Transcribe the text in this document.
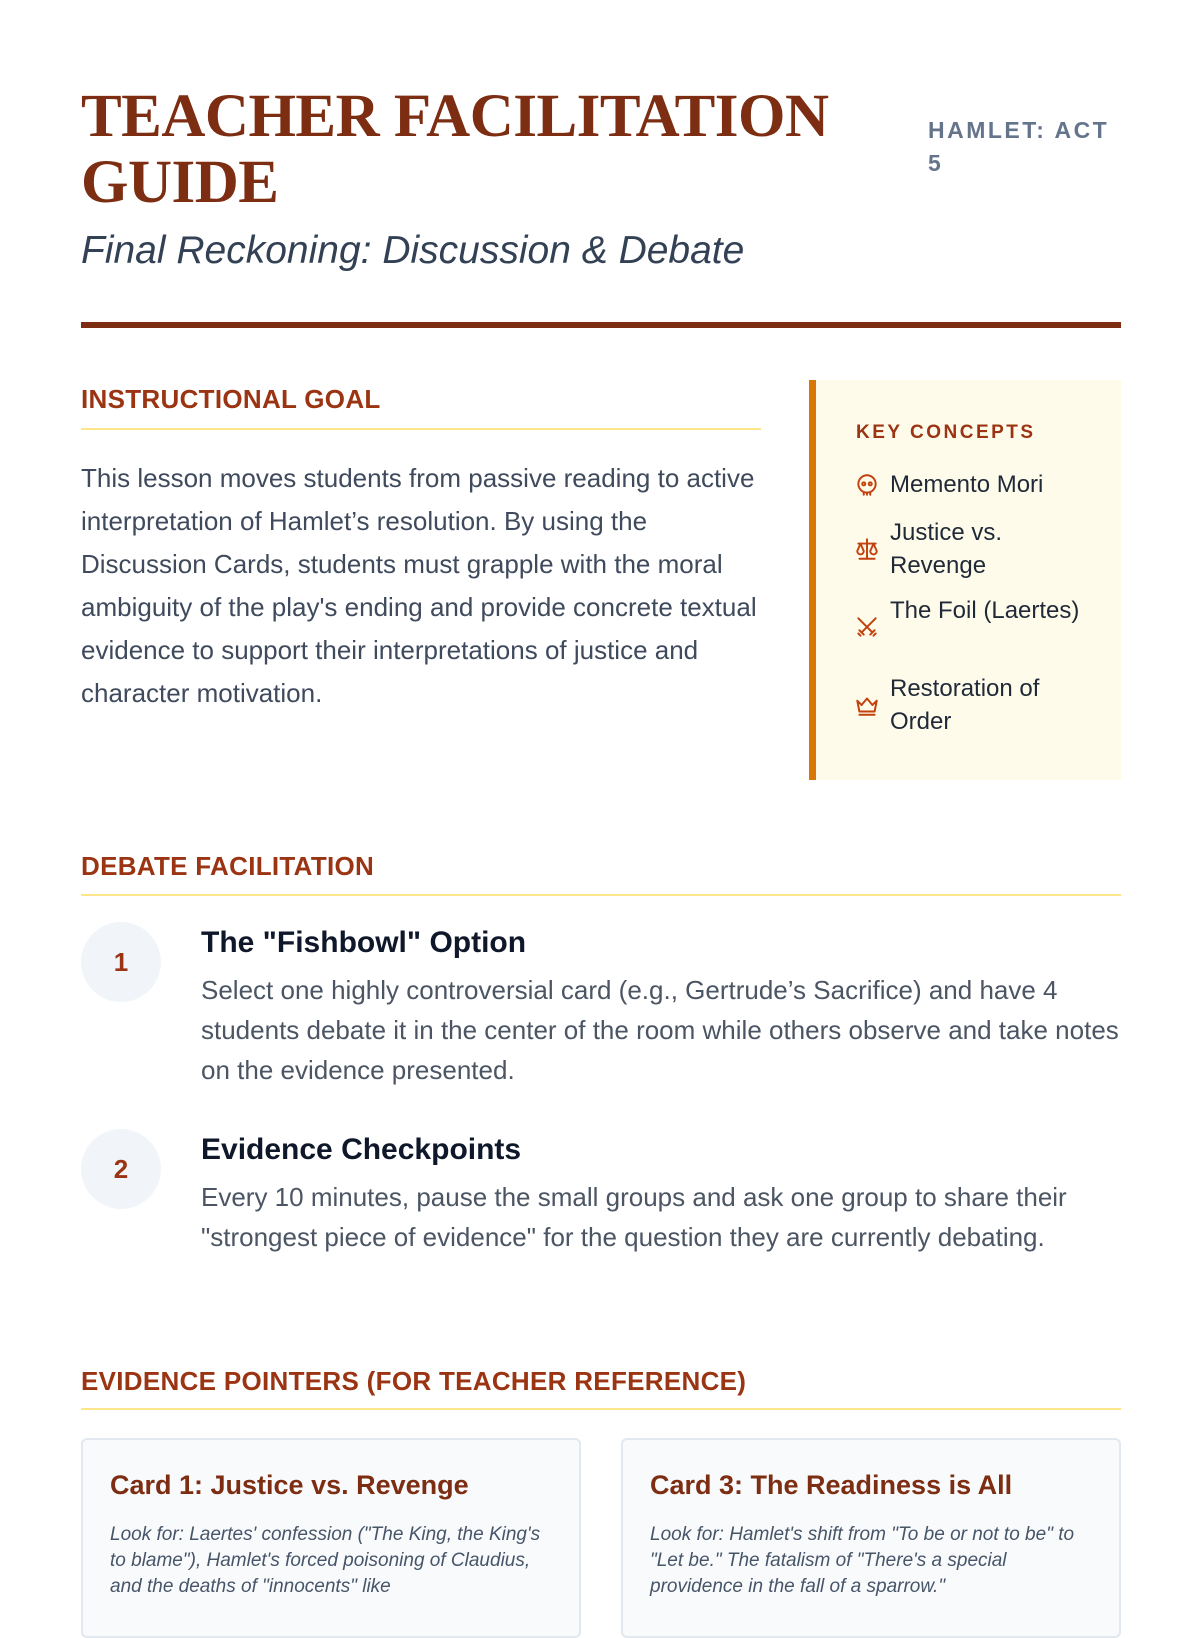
TEACHER FACILITATION GUIDE

Final Reckoning: Discussion & Debate

HAMLET: ACT 5
INSTRUCTIONAL GOAL

This lesson moves students from passive reading to active interpretation of Hamlet’s resolution. By using the Discussion Cards, students must grapple with the moral ambiguity of the play's ending and provide concrete textual evidence to support their interpretations of justice and character motivation.

KEY CONCEPTS
Memento Mori
Justice vs. Revenge
The Foil (Laertes)
Restoration of Order
DEBATE FACILITATION
1
The "Fishbowl" Option

Select one highly controversial card (e.g., Gertrude’s Sacrifice) and have 4 students debate it in the center of the room while others observe and take notes on the evidence presented.

2
Evidence Checkpoints

Every 10 minutes, pause the small groups and ask one group to share their "strongest piece of evidence" for the question they are currently debating.

EVIDENCE POINTERS (FOR TEACHER REFERENCE)
Card 1: Justice vs. Revenge

Look for: Laertes' confession ("The King, the King's to blame"), Hamlet's forced poisoning of Claudius, and the deaths of "innocents" like

Card 3: The Readiness is All

Look for: Hamlet's shift from "To be or not to be" to "Let be." The fatalism of "There's a special providence in the fall of a sparrow."
